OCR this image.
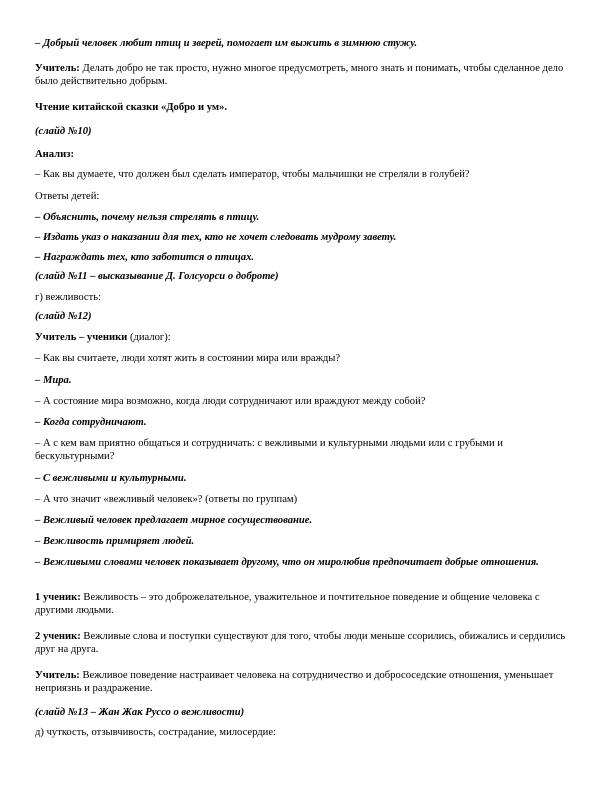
– Добрый человек любит птиц и зверей, помогает им выжить в зимнюю стужу.

Учитель: Делать добро не так просто, нужно многое предусмотреть, много знать и понимать, чтобы сделанное дело было действительно добрым.

Чтение китайской сказки «Добро и ум».

(слайд №10)

Анализ:

– Как вы думаете, что должен был сделать император, чтобы мальчишки не стреляли в голубей?

Ответы детей:

– Объяснить, почему нельзя стрелять в птицу.

– Издать указ о наказании для тех, кто не хочет следовать мудрому завету.

– Награждать тех, кто заботится о птицах.

(слайд №11 – высказывание Д. Голсуорси о доброте)

г) вежливость:

(слайд №12)

Учитель – ученики (диалог):

– Как вы считаете, люди хотят жить в состоянии мира или вражды?

– Мира.

– А состояние мира возможно, когда люди сотрудничают или враждуют между собой?

– Когда сотрудничают.

– А с кем вам приятно общаться и сотрудничать: с вежливыми и культурными людьми или с грубыми и бескультурными?

– С вежливыми и культурными.

– А что значит «вежливый человек»? (ответы по группам)

– Вежливый человек предлагает мирное сосуществование.

– Вежливость примиряет людей.

– Вежливыми словами человек показывает другому, что он миролюбив предпочитает добрые отношения.

1 ученик: Вежливость – это доброжелательное, уважительное и почтительное поведение и общение человека с другими людьми.

2 ученик: Вежливые слова и поступки существуют для того, чтобы люди меньше ссорились, обижались и сердились друг на друга.

Учитель: Вежливое поведение настраивает человека на сотрудничество и добрососедские отношения, уменьшает неприязнь и раздражение.

(слайд №13 – Жан Жак Руссо о вежливости)

д) чуткость, отзывчивость, сострадание, милосердие:
